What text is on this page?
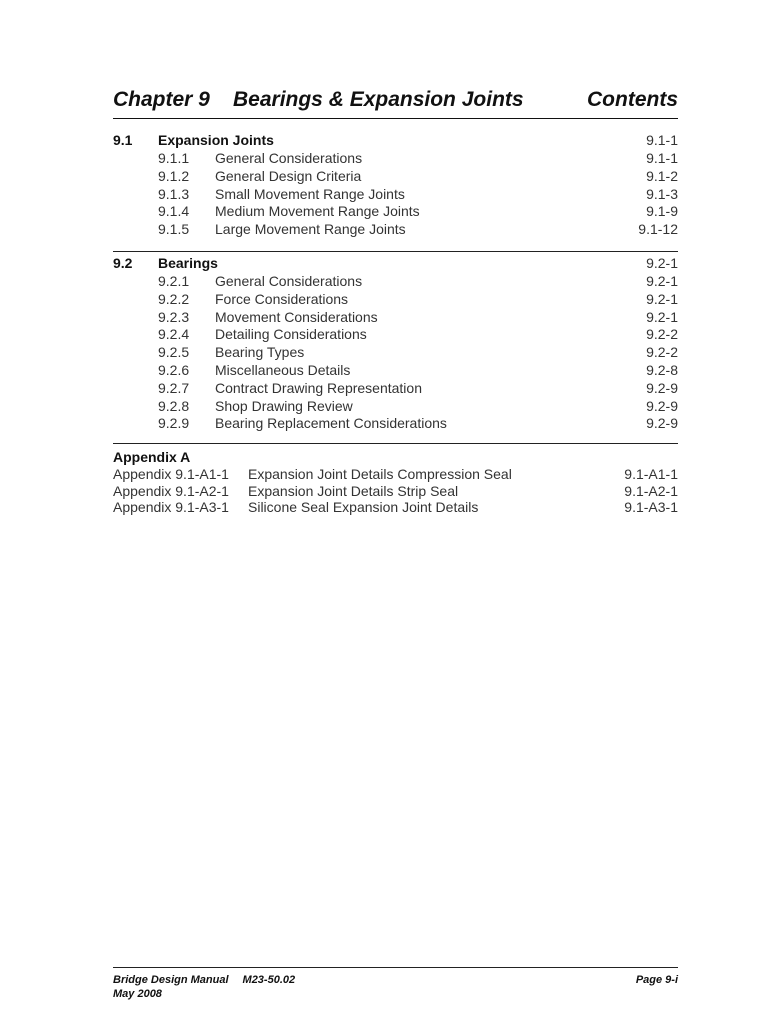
Chapter 9 Bearings & Expansion Joints	Contents
9.1 Expansion Joints	9.1-1
9.1.1 General Considerations	9.1-1
9.1.2 General Design Criteria	9.1-2
9.1.3 Small Movement Range Joints	9.1-3
9.1.4 Medium Movement Range Joints	9.1-9
9.1.5 Large Movement Range Joints	9.1-12
9.2 Bearings	9.2-1
9.2.1 General Considerations	9.2-1
9.2.2 Force Considerations	9.2-1
9.2.3 Movement Considerations	9.2-1
9.2.4 Detailing Considerations	9.2-2
9.2.5 Bearing Types	9.2-2
9.2.6 Miscellaneous Details	9.2-8
9.2.7 Contract Drawing Representation	9.2-9
9.2.8 Shop Drawing Review	9.2-9
9.2.9 Bearing Replacement Considerations	9.2-9
Appendix A
Appendix 9.1-A1-1 Expansion Joint Details Compression Seal	9.1-A1-1
Appendix 9.1-A2-1 Expansion Joint Details Strip Seal	9.1-A2-1
Appendix 9.1-A3-1 Silicone Seal Expansion Joint Details	9.1-A3-1
Bridge Design Manual M23-50.02
May 2008
Page 9-i
